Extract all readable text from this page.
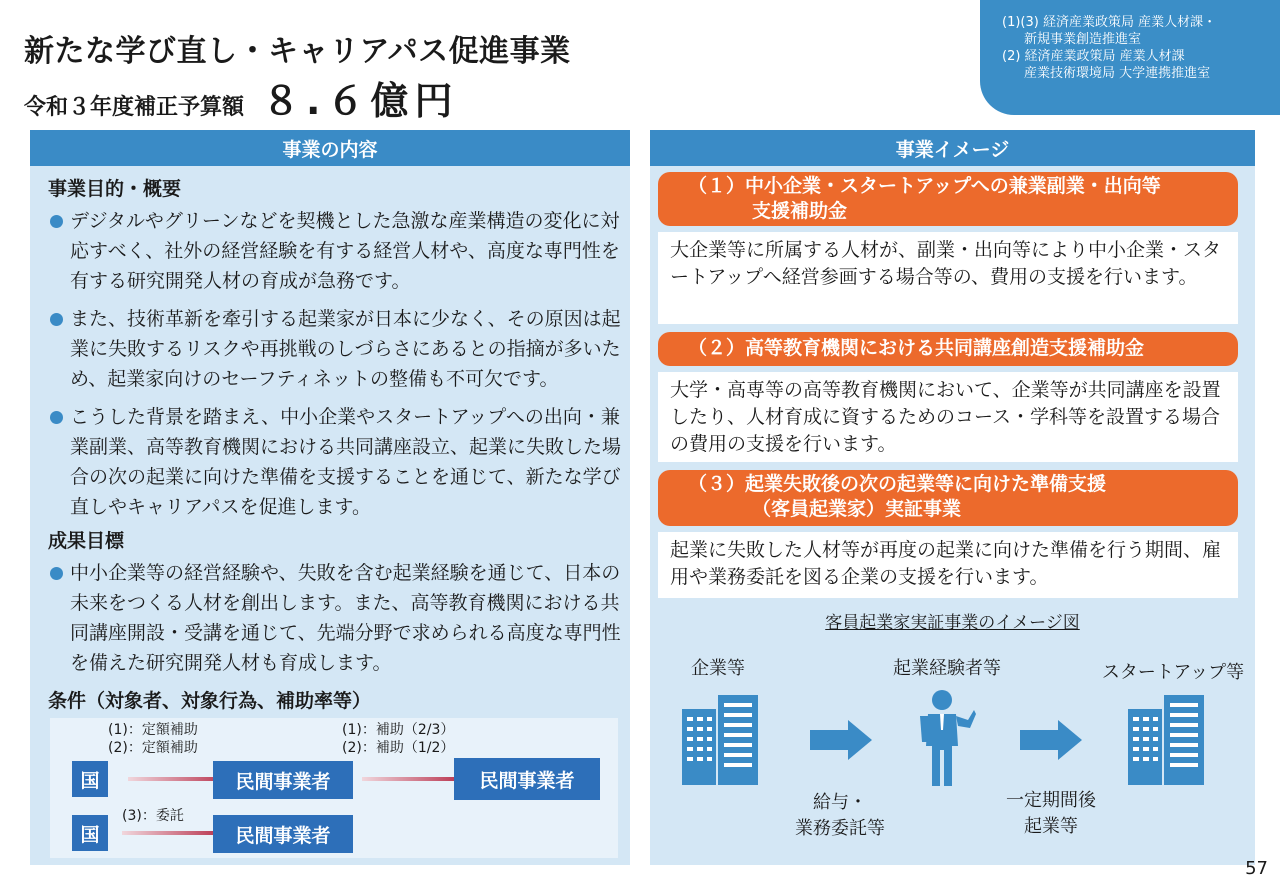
新たな学び直し・キャリアパス促進事業
令和３年度補正予算額 ８.６億円
(1)(3) 経済産業政策局 産業人材課・
新規事業創造推進室
(2) 経済産業政策局 産業人材課
産業技術環境局 大学連携推進室
事業の内容
事業目的・概要
デジタルやグリーンなどを契機とした急激な産業構造の変化に対応すべく、社外の経営経験を有する経営人材や、高度な専門性を有する研究開発人材の育成が急務です。
また、技術革新を牽引する起業家が日本に少なく、その原因は起業に失敗するリスクや再挑戦のしづらさにあるとの指摘が多いため、起業家向けのセーフティネットの整備も不可欠です。
こうした背景を踏まえ、中小企業やスタートアップへの出向・兼業副業、高等教育機関における共同講座設立、起業に失敗した場合の次の起業に向けた準備を支援することを通じて、新たな学び直しやキャリアパスを促進します。
成果目標
中小企業等の経営経験や、失敗を含む起業経験を通じて、日本の未来をつくる人材を創出します。また、高等教育機関における共同講座開設・受講を通じて、先端分野で求められる高度な専門性を備えた研究開発人材も育成します。
条件（対象者、対象行為、補助率等）
(1)：定額補助
(2)：定額補助
(1)：補助（2/3）
(2)：補助（1/2）
国	民間事業者	民間事業者
(3)：委託
国	民間事業者
事業イメージ
（１）中小企業・スタートアップへの兼業副業・出向等
支援補助金
大企業等に所属する人材が、副業・出向等により中小企業・スタートアップへ経営参画する場合等の、費用の支援を行います。
（２）高等教育機関における共同講座創造支援補助金
大学・高専等の高等教育機関において、企業等が共同講座を設置したり、人材育成に資するためのコース・学科等を設置する場合の費用の支援を行います。
（３）起業失敗後の次の起業等に向けた準備支援
（客員起業家）実証事業
起業に失敗した人材等が再度の起業に向けた準備を行う期間、雇用や業務委託を図る企業の支援を行います。
客員起業家実証事業のイメージ図
企業等	起業経験者等	スタートアップ等
給与・
業務委託等
一定期間後
起業等
57
